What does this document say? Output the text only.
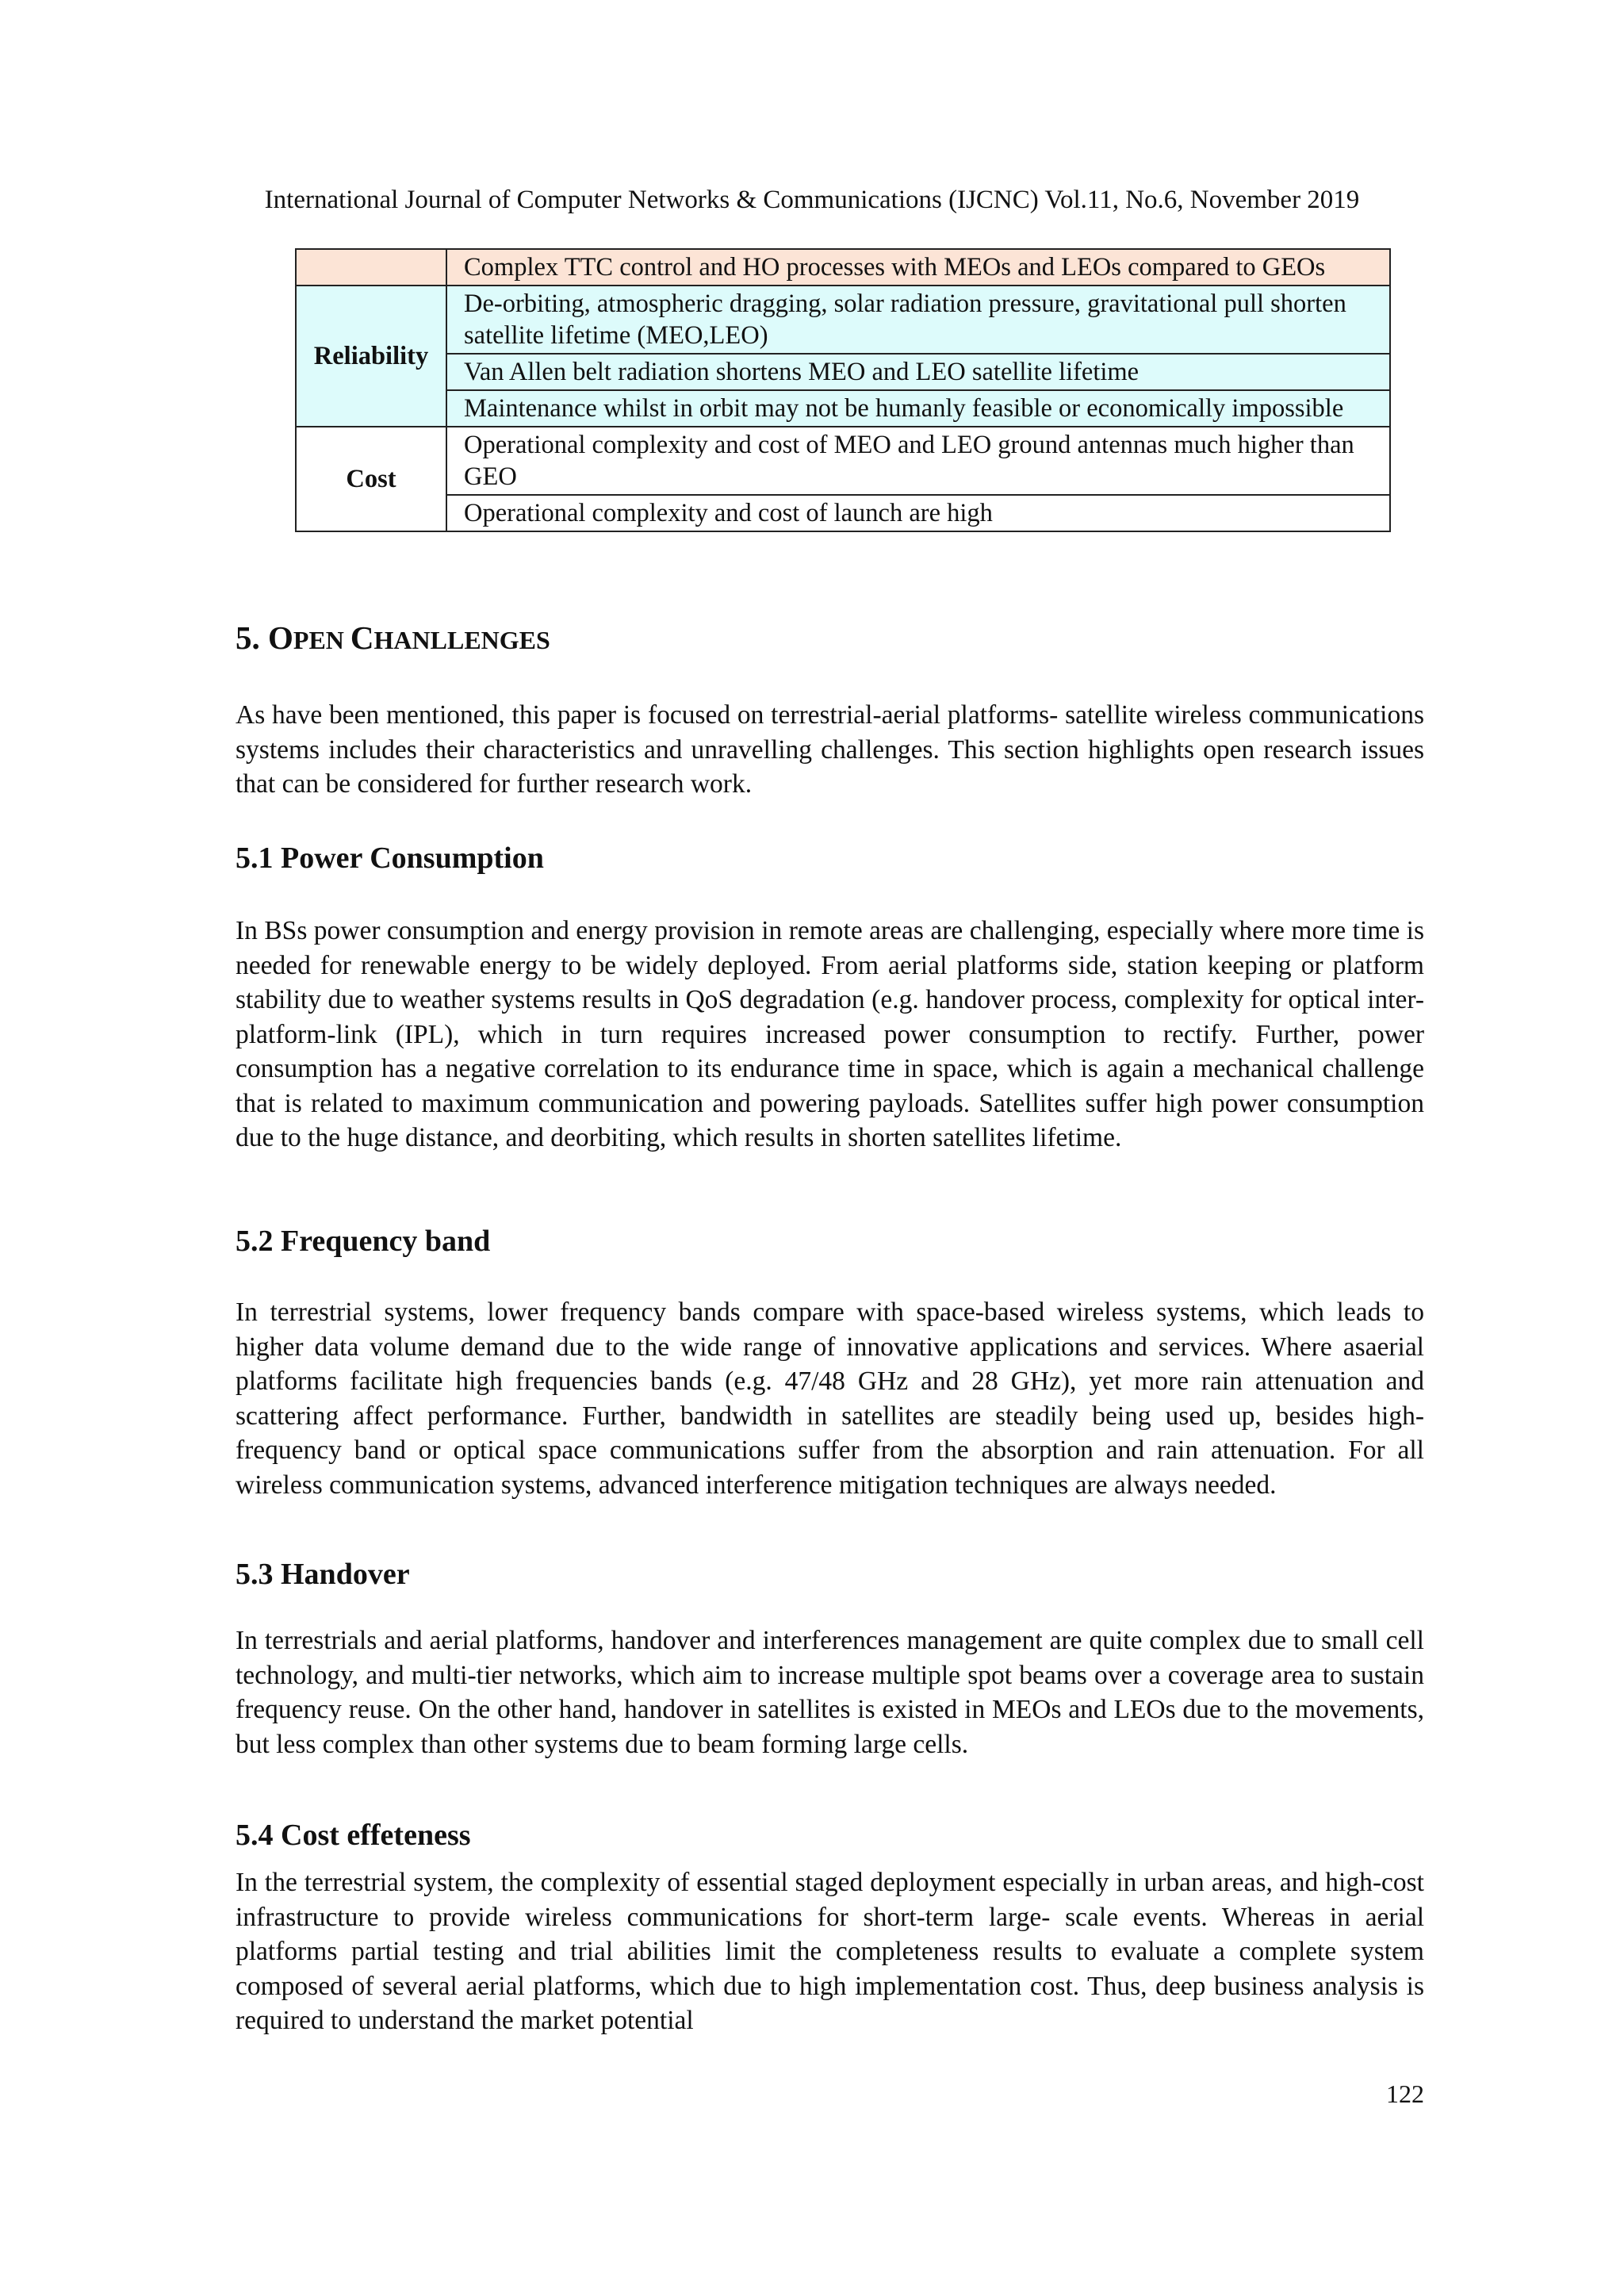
International Journal of Computer Networks & Communications (IJCNC) Vol.11, No.6, November 2019
	Complex TTC control and HO processes with MEOs and LEOs compared to GEOs
Reliability	De-orbiting, atmospheric dragging, solar radiation pressure, gravitational pull shorten satellite lifetime (MEO,LEO)
	Van Allen belt radiation shortens MEO and LEO satellite lifetime
	Maintenance whilst in orbit may not be humanly feasible or economically impossible
Cost	Operational complexity and cost of MEO and LEO ground antennas much higher than GEO
	Operational complexity and cost of launch are high
5. OPEN CHANLLENGES

As have been mentioned, this paper is focused on terrestrial-aerial platforms- satellite wireless communications systems includes their characteristics and unravelling challenges. This section highlights open research issues that can be considered for further research work.

5.1 Power Consumption

In BSs power consumption and energy provision in remote areas are challenging, especially where more time is needed for renewable energy to be widely deployed. From aerial platforms side, station keeping or platform stability due to weather systems results in QoS degradation (e.g. handover process, complexity for optical inter-platform-link (IPL), which in turn requires increased power consumption to rectify. Further, power consumption has a negative correlation to its endurance time in space, which is again a mechanical challenge that is related to maximum communication and powering payloads. Satellites suffer high power consumption due to the huge distance, and deorbiting, which results in shorten satellites lifetime.

5.2 Frequency band

In terrestrial systems, lower frequency bands compare with space-based wireless systems, which leads to higher data volume demand due to the wide range of innovative applications and services. Where asaerial platforms facilitate high frequencies bands (e.g. 47/48 GHz and 28 GHz), yet more rain attenuation and scattering affect performance. Further, bandwidth in satellites are steadily being used up, besides high-frequency band or optical space communications suffer from the absorption and rain attenuation. For all wireless communication systems, advanced interference mitigation techniques are always needed.

5.3 Handover

In terrestrials and aerial platforms, handover and interferences management are quite complex due to small cell technology, and multi-tier networks, which aim to increase multiple spot beams over a coverage area to sustain frequency reuse. On the other hand, handover in satellites is existed in MEOs and LEOs due to the movements, but less complex than other systems due to beam forming large cells.

5.4 Cost effeteness

In the terrestrial system, the complexity of essential staged deployment especially in urban areas, and high-cost infrastructure to provide wireless communications for short-term large- scale events. Whereas in aerial platforms partial testing and trial abilities limit the completeness results to evaluate a complete system composed of several aerial platforms, which due to high implementation cost. Thus, deep business analysis is required to understand the market potential

122
